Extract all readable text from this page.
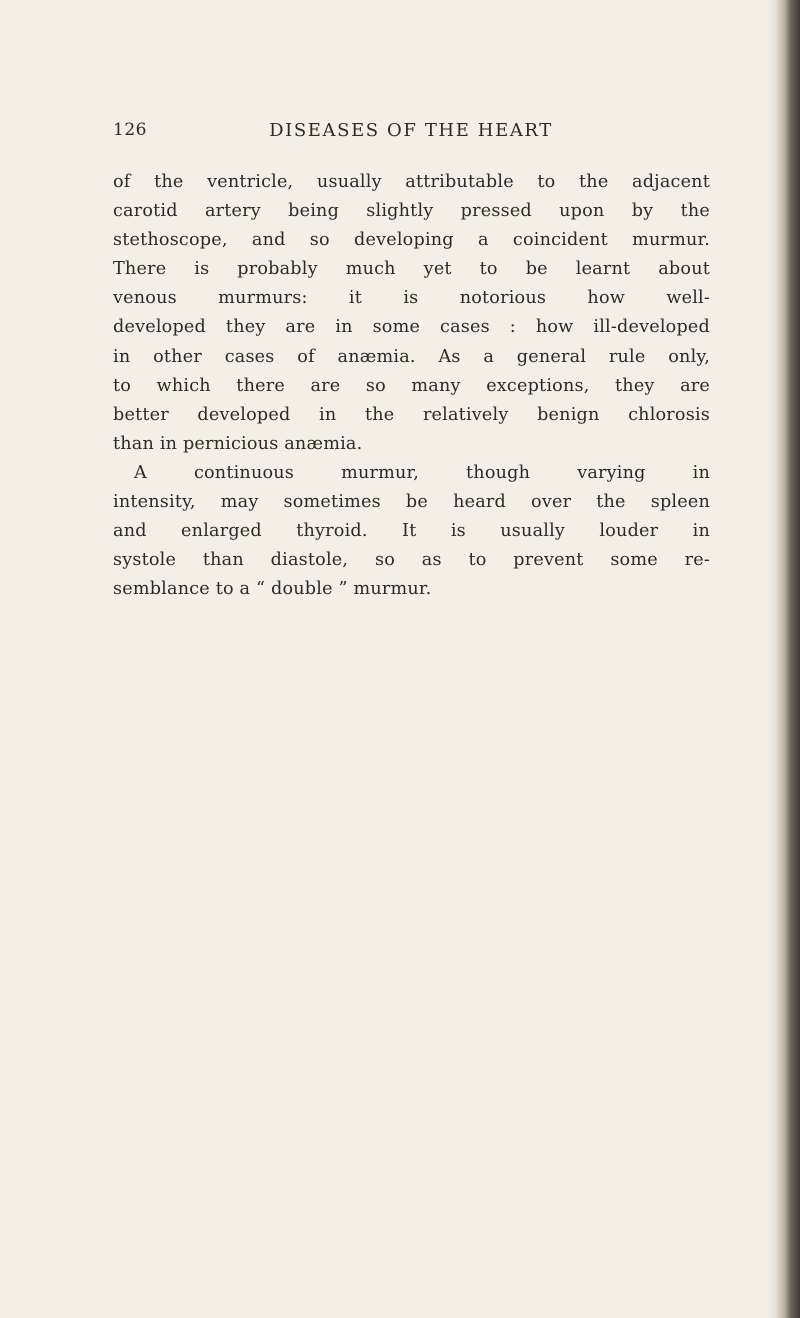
126	DISEASES OF THE HEART
of the ventricle, usually attributable to the adjacent
carotid artery being slightly pressed upon by the
stethoscope, and so developing a coincident murmur.
There is probably much yet to be learnt about
venous murmurs: it is notorious how well-
developed they are in some cases : how ill-developed
in other cases of anæmia. As a general rule only,
to which there are so many exceptions, they are
better developed in the relatively benign chlorosis
than in pernicious anæmia.
A continuous murmur, though varying in
intensity, may sometimes be heard over the spleen
and enlarged thyroid. It is usually louder in
systole than diastole, so as to prevent some re-
semblance to a “ double ” murmur.
